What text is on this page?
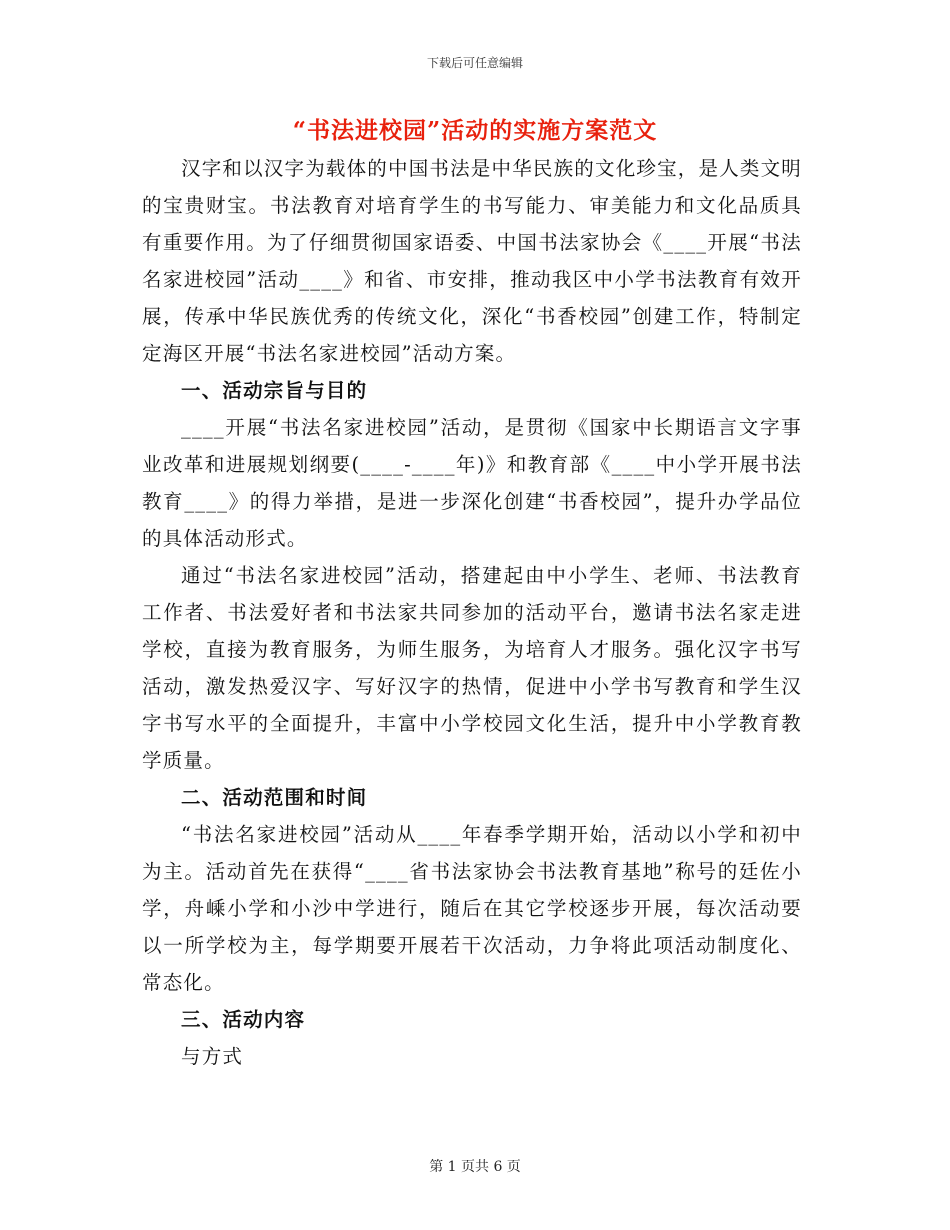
下载后可任意编辑
“书法进校园”活动的实施方案范文

汉字和以汉字为载体的中国书法是中华民族的文化珍宝，是人类文明的宝贵财宝。书法教育对培育学生的书写能力、审美能力和文化品质具有重要作用。为了仔细贯彻国家语委、中国书法家协会《____开展“书法名家进校园”活动____》和省、市安排，推动我区中小学书法教育有效开展，传承中华民族优秀的传统文化，深化“书香校园”创建工作，特制定定海区开展“书法名家进校园”活动方案。

一、活动宗旨与目的

____开展“书法名家进校园”活动，是贯彻《国家中长期语言文字事业改革和进展规划纲要(____-____年)》和教育部《____中小学开展书法教育____》的得力举措，是进一步深化创建“书香校园”，提升办学品位的具体活动形式。

通过“书法名家进校园”活动，搭建起由中小学生、老师、书法教育工作者、书法爱好者和书法家共同参加的活动平台，邀请书法名家走进学校，直接为教育服务，为师生服务，为培育人才服务。强化汉字书写活动，激发热爱汉字、写好汉字的热情，促进中小学书写教育和学生汉字书写水平的全面提升，丰富中小学校园文化生活，提升中小学教育教学质量。

二、活动范围和时间

“书法名家进校园”活动从____年春季学期开始，活动以小学和初中为主。活动首先在获得“____省书法家协会书法教育基地”称号的廷佐小学，舟嵊小学和小沙中学进行，随后在其它学校逐步开展，每次活动要以一所学校为主，每学期要开展若干次活动，力争将此项活动制度化、常态化。

三、活动内容

与方式

第 1 页共 6 页
